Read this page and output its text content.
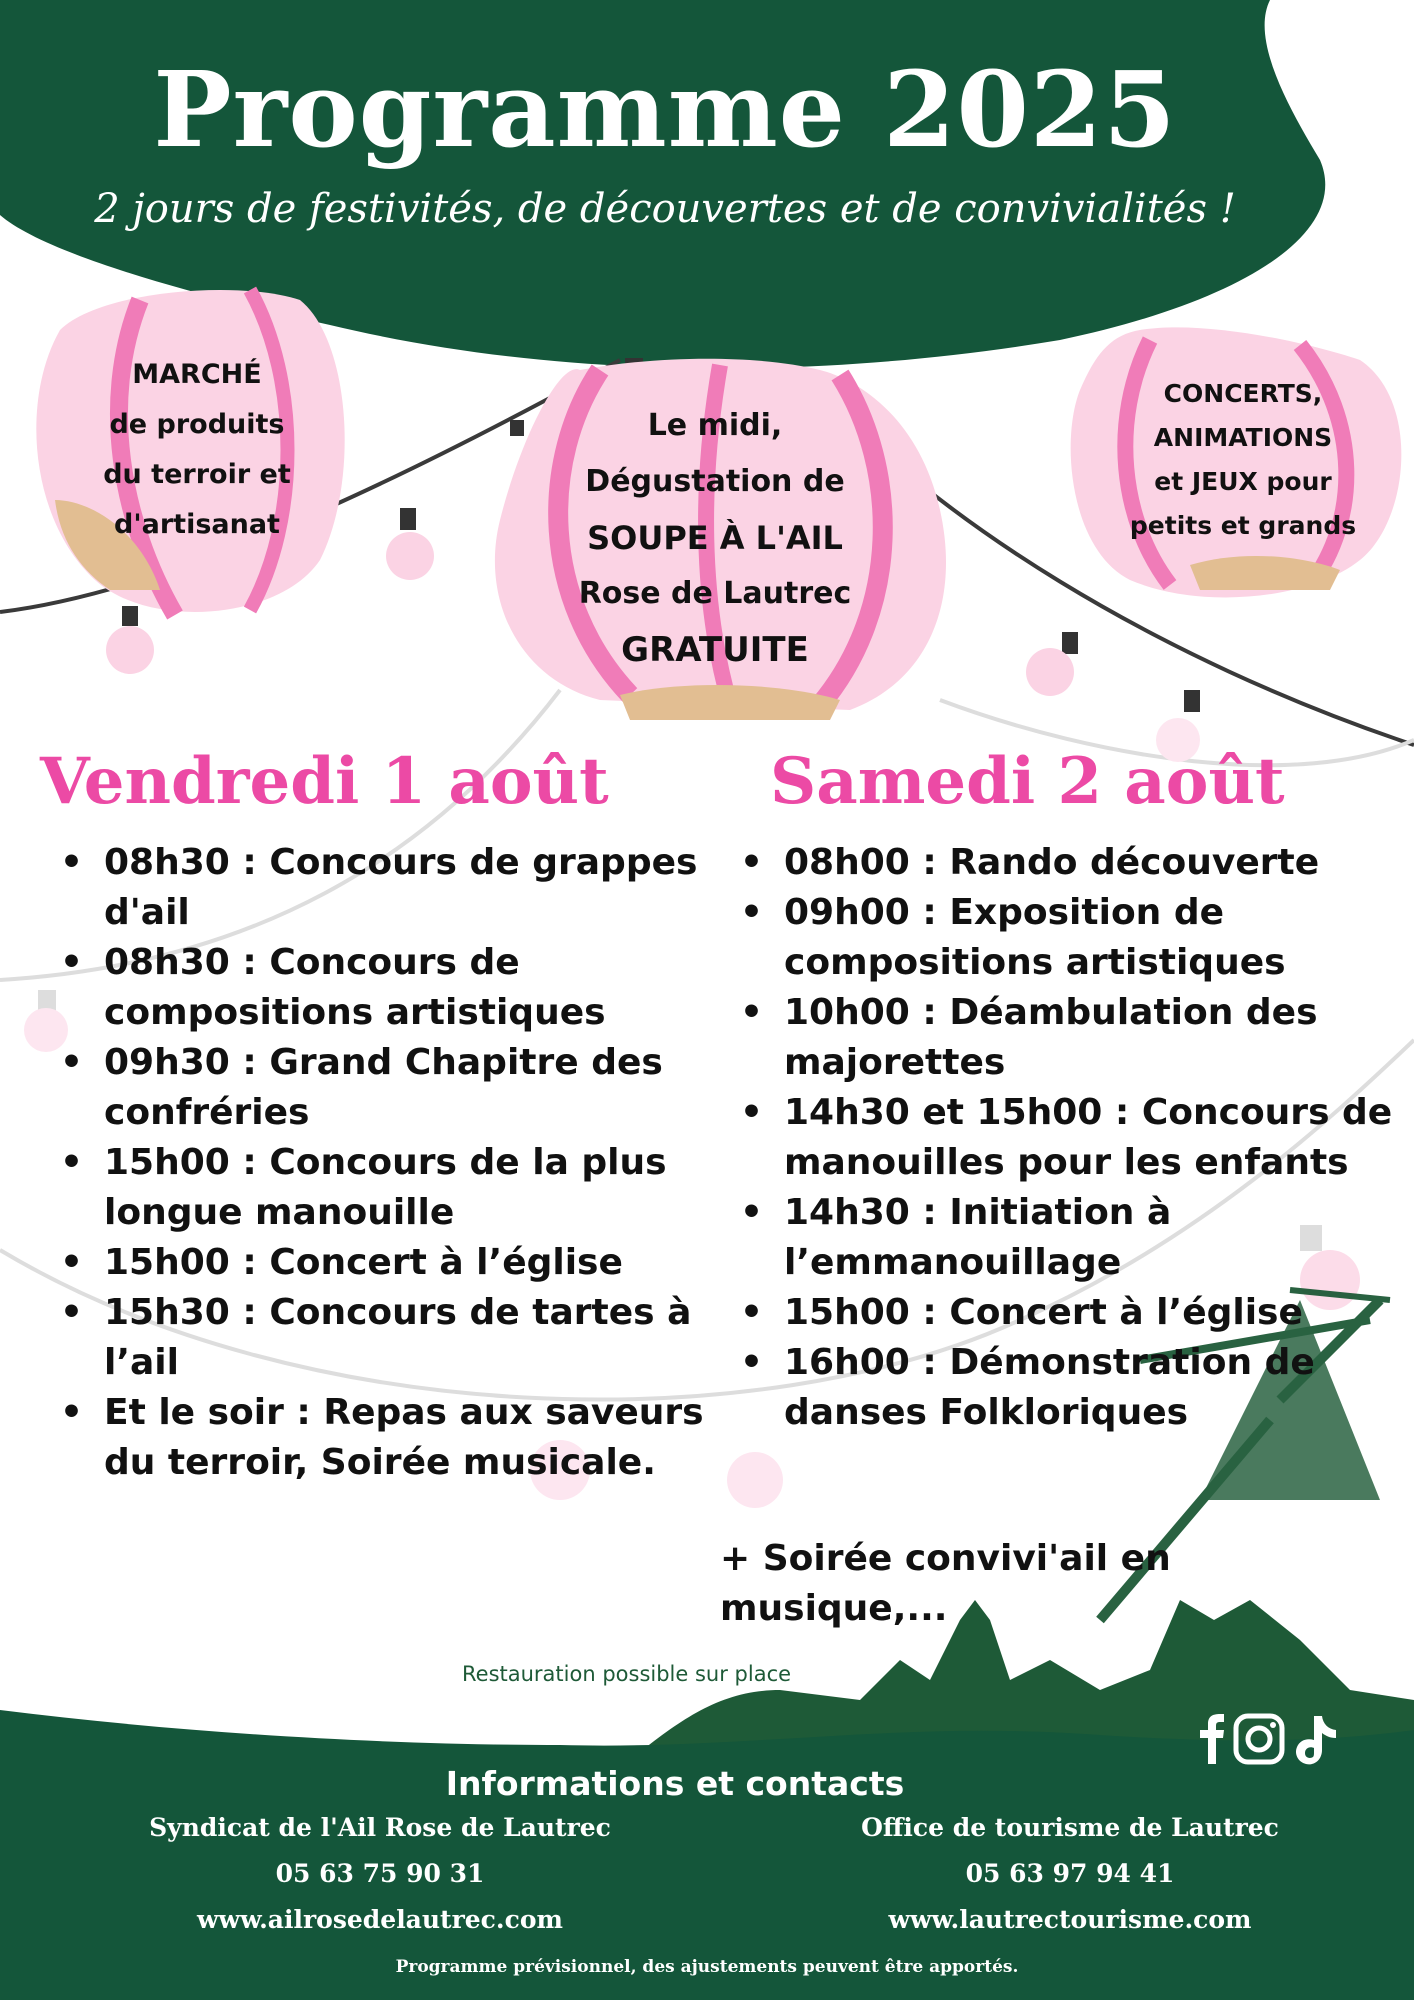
Programme 2025
2 jours de festivités, de découvertes et de convivialités !
MARCHÉ
de produits
du terroir et
d'artisanat
Le midi,
Dégustation de
SOUPE À L'AIL
Rose de Lautrec
GRATUITE
CONCERTS,
ANIMATIONS
et JEUX pour
petits et grands
Vendredi 1 août
• 08h30 : Concours de grappes d'ail
• 08h30 : Concours de compositions artistiques
• 09h30 : Grand Chapitre des confréries
• 15h00 : Concours de la plus longue manouille
• 15h00 : Concert à l’église
• 15h30 : Concours de tartes à l’ail
• Et le soir : Repas aux saveurs du terroir, Soirée musicale.
Samedi 2 août
• 08h00 : Rando découverte
• 09h00 : Exposition de compositions artistiques
• 10h00 : Déambulation des majorettes
• 14h30 et 15h00 : Concours de manouilles pour les enfants
• 14h30 : Initiation à l’emmanouillage
• 15h00 : Concert à l’église
• 16h00 : Démonstration de danses Folkloriques
+ Soirée convivi'ail en musique,...
Restauration possible sur place
Informations et contacts
Syndicat de l'Ail Rose de Lautrec
05 63 75 90 31
www.ailrosedelautrec.com
Office de tourisme de Lautrec
05 63 97 94 41
www.lautrectourisme.com
Programme prévisionnel, des ajustements peuvent être apportés.
